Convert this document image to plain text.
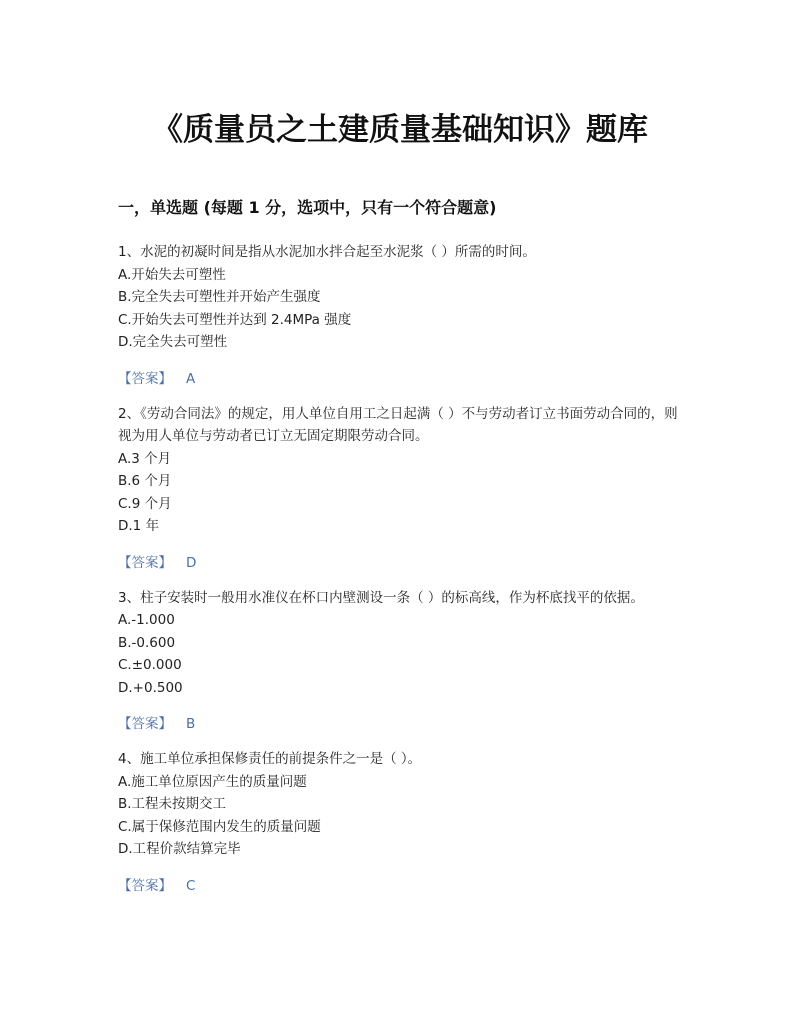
《质量员之土建质量基础知识》题库
一，单选题 (每题 1 分，选项中，只有一个符合题意)

1、水泥的初凝时间是指从水泥加水拌合起至水泥浆（ ）所需的时间。

A.开始失去可塑性

B.完全失去可塑性并开始产生强度

C.开始失去可塑性并达到 2.4MPa 强度

D.完全失去可塑性

【答案】 A

2、《劳动合同法》的规定，用人单位自用工之日起满（ ）不与劳动者订立书面劳动合同的，则视为用人单位与劳动者已订立无固定期限劳动合同。

A.3 个月

B.6 个月

C.9 个月

D.1 年

【答案】 D

3、柱子安装时一般用水准仪在杯口内壁测设一条（ ）的标高线，作为杯底找平的依据。

A.-1.000

B.-0.600

C.±0.000

D.+0.500

【答案】 B

4、施工单位承担保修责任的前提条件之一是（ ）。

A.施工单位原因产生的质量问题

B.工程未按期交工

C.属于保修范围内发生的质量问题

D.工程价款结算完毕

【答案】 C
